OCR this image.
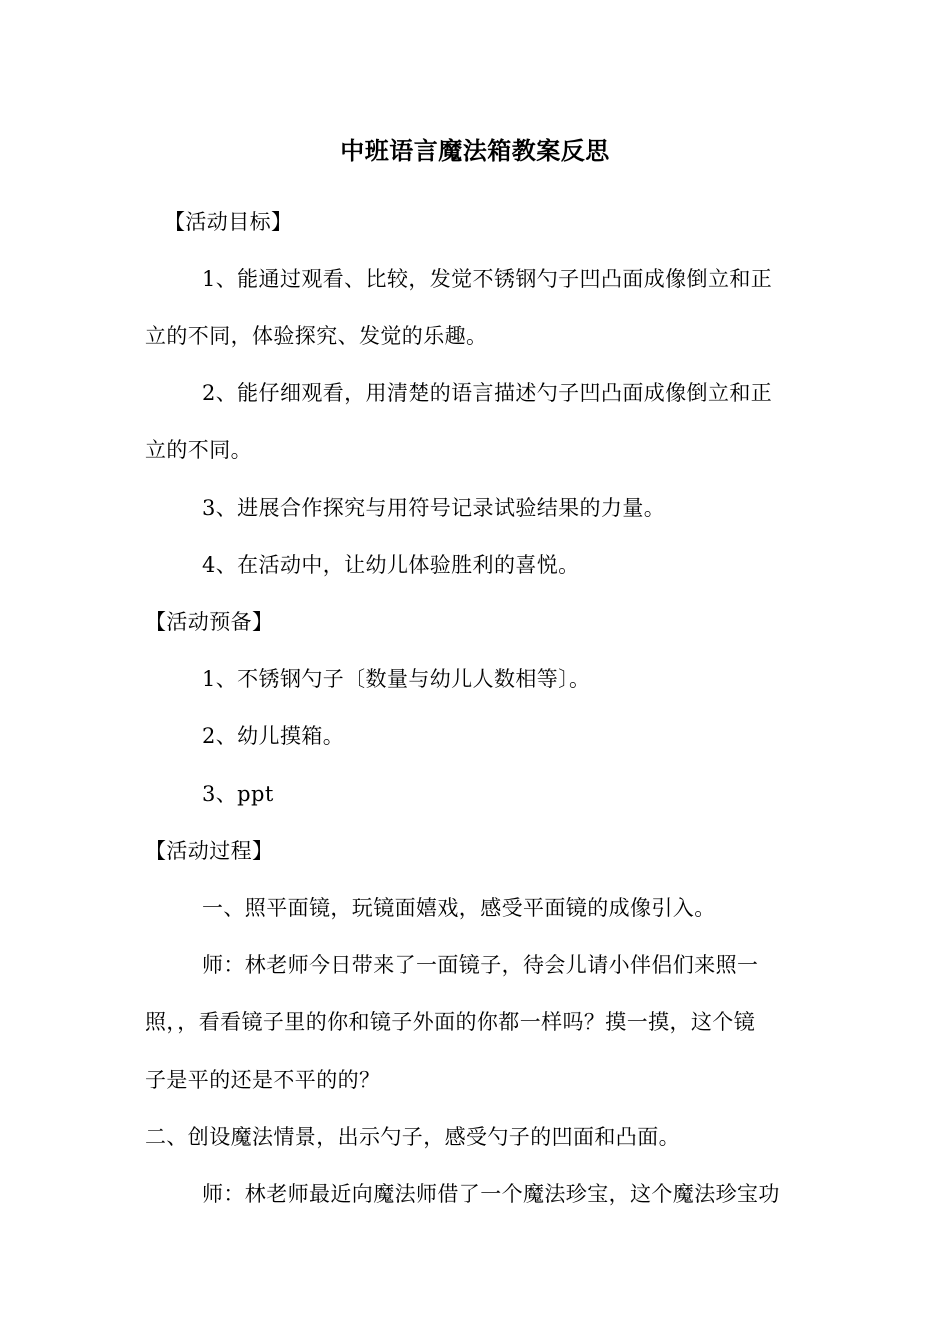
中班语言魔法箱教案反思
【活动目标】
1、能通过观看、比较，发觉不锈钢勺子凹凸面成像倒立和正
立的不同，体验探究、发觉的乐趣。
2、能仔细观看，用清楚的语言描述勺子凹凸面成像倒立和正
立的不同。
3、进展合作探究与用符号记录试验结果的力量。
4、在活动中，让幼儿体验胜利的喜悦。
【活动预备】
1、不锈钢勺子〔数量与幼儿人数相等〕。
2、幼儿摸箱。
3、ppt
【活动过程】
一、照平面镜，玩镜面嬉戏，感受平面镜的成像引入。
师：林老师今日带来了一面镜子，待会儿请小伴侣们来照一
照，，看看镜子里的你和镜子外面的你都一样吗？摸一摸，这个镜
子是平的还是不平的的？
二、创设魔法情景，出示勺子，感受勺子的凹面和凸面。
师：林老师最近向魔法师借了一个魔法珍宝，这个魔法珍宝功
